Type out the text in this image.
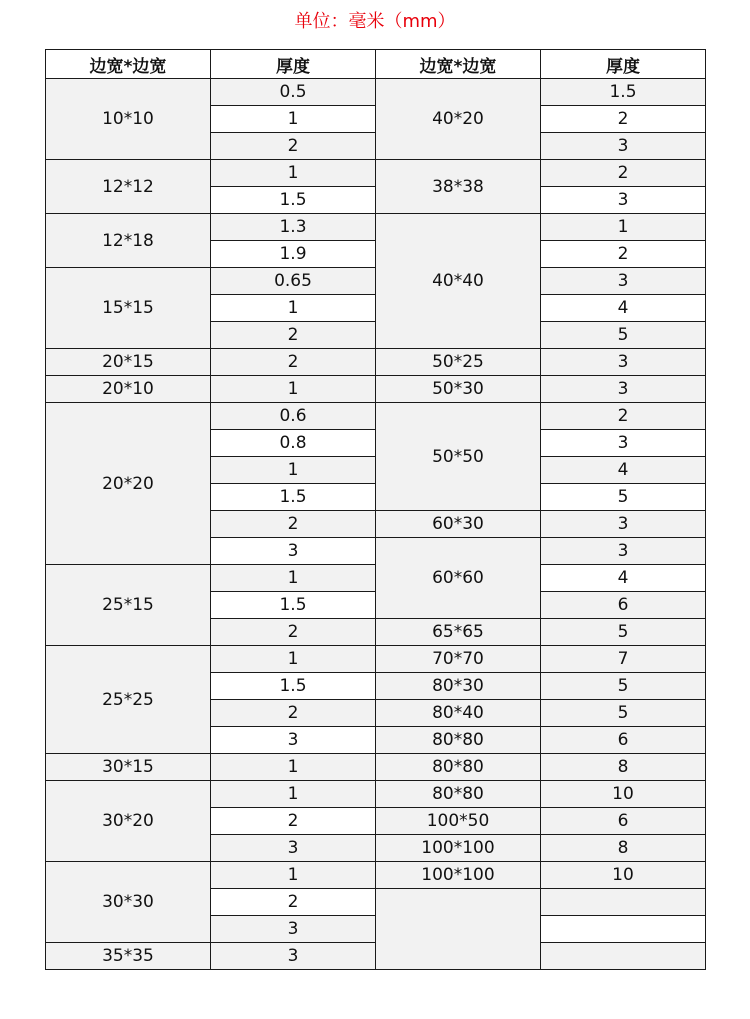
单位：毫米（mm）
边宽*边宽	厚度	边宽*边宽	厚度
10*10	0.5	40*20	1.5
	1		2
	2		3
12*12	1	38*38	2
	1.5		3
12*18	1.3	40*40	1
	1.9		2
15*15	0.65		3
	1		4
	2		5
20*15	2	50*25	3
20*10	1	50*30	3
20*20	0.6	50*50	2
	0.8		3
	1		4
	1.5		5
	2	60*30	3
	3	60*60	3
25*15	1		4
	1.5		6
	2	65*65	5
25*25	1	70*70	7
	1.5	80*30	5
	2	80*40	5
	3	80*80	6
30*15	1	80*80	8
30*20	1	80*80	10
	2	100*50	6
	3	100*100	8
30*30	1	100*100	10
	2		
	3		
35*35	3		
